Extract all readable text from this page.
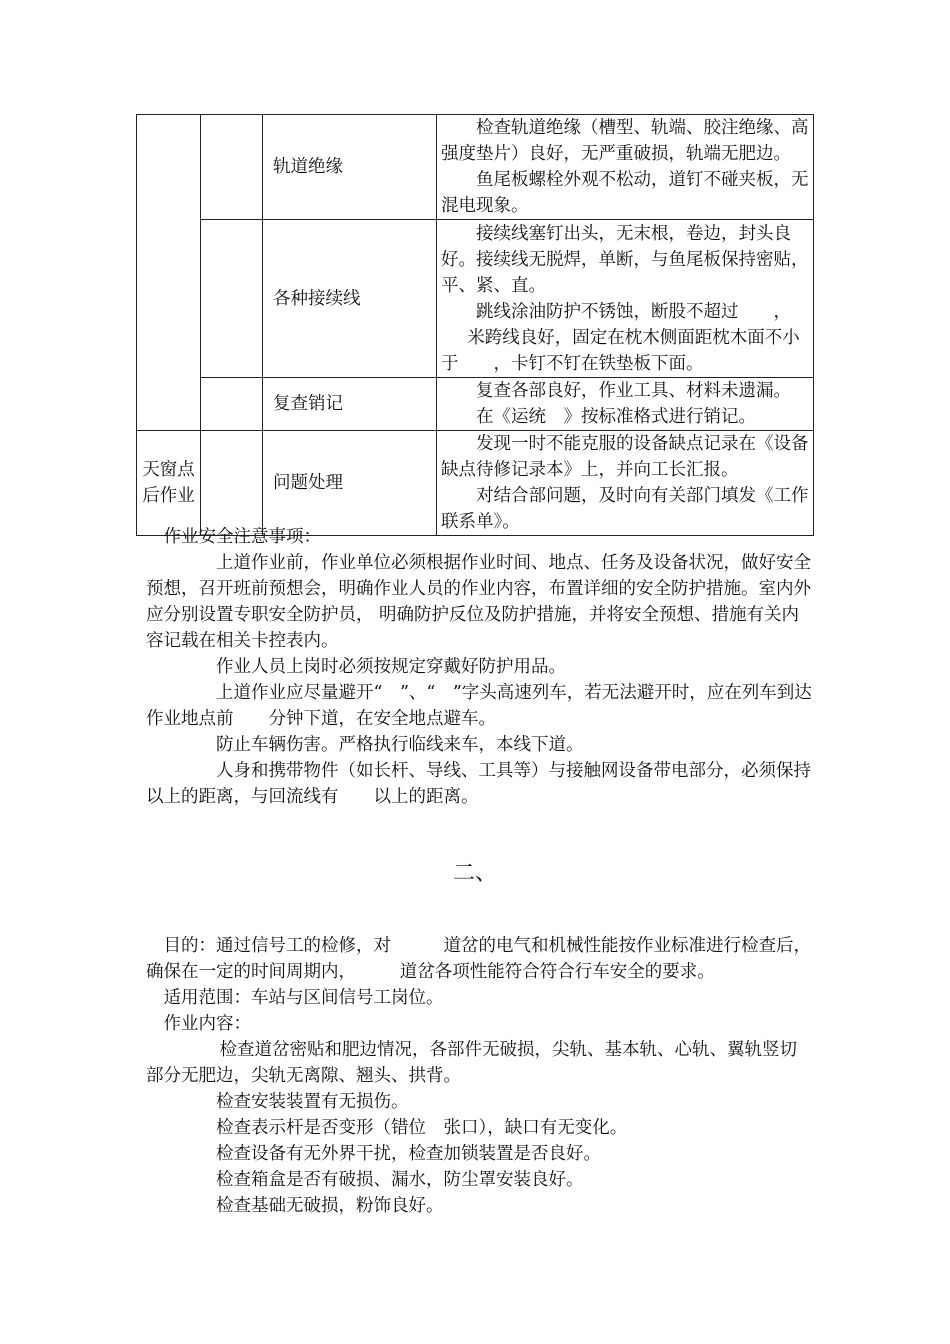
		轨道绝缘	检查轨道绝缘（槽型、轨端、胶注绝缘、高强度垫片）良好，无严重破损，轨端无肥边。

鱼尾板螺栓外观不松动，道钉不碰夹板，无混电现象。

		各种接续线	接续线塞钉出头，无末根，卷边，封头良好。接续线无脱焊，单断，与鱼尾板保持密贴，平、紧、直。

跳线涂油防护不锈蚀，断股不超过　　，

米跨线良好，固定在枕木侧面距枕木面不小于　　，卡钉不钉在铁垫板下面。

		复查销记	复查各部良好，作业工具、材料未遗漏。

在《运统　》按标准格式进行销记。

天窗点后作业		问题处理	发现一时不能克服的设备缺点记录在《设备缺点待修记录本》上，并向工长汇报。

对结合部问题，及时向有关部门填发《工作联系单》。

作业安全注意事项：

上道作业前，作业单位必须根据作业时间、地点、任务及设备状况，做好安全预想，召开班前预想会，明确作业人员的作业内容，布置详细的安全防护措施。室内外应分别设置专职安全防护员， 明确防护反位及防护措施，并将安全预想、措施有关内容记载在相关卡控表内。

作业人员上岗时必须按规定穿戴好防护用品。

上道作业应尽量避开“　”、“　”字头高速列车，若无法避开时，应在列车到达作业地点前　　分钟下道，在安全地点避车。

防止车辆伤害。严格执行临线来车，本线下道。

人身和携带物件（如长杆、导线、工具等）与接触网设备带电部分，必须保持　　以上的距离，与回流线有　　以上的距离。

二、

目的：通过信号工的检修，对　　　道岔的电气和机械性能按作业标准进行检查后，确保在一定的时间周期内，　　　道岔各项性能符合符合行车安全的要求。

适用范围：车站与区间信号工岗位。

作业内容：

检查道岔密贴和肥边情况，各部件无破损，尖轨、基本轨、心轨、翼轨竖切部分无肥边，尖轨无离隙、翘头、拱背。

检查安装装置有无损伤。

检查表示杆是否变形（错位　张口），缺口有无变化。

检查设备有无外界干扰，检查加锁装置是否良好。

检查箱盒是否有破损、漏水，防尘罩安装良好。

检查基础无破损，粉饰良好。
